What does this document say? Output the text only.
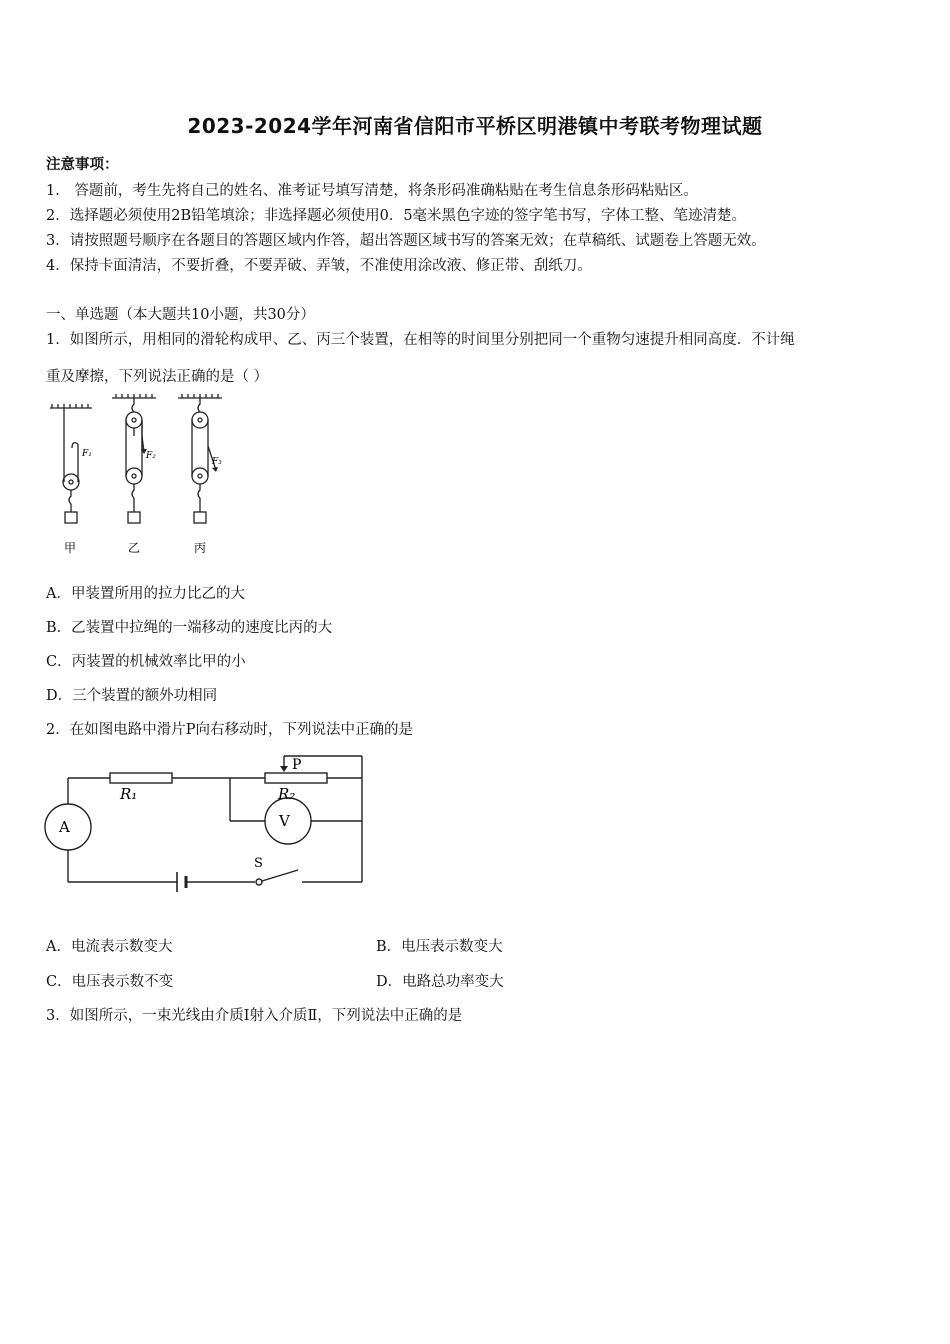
2023-2024学年河南省信阳市平桥区明港镇中考联考物理试题
注意事项：
1． 答题前，考生先将自己的姓名、准考证号填写清楚，将条形码准确粘贴在考生信息条形码粘贴区。
2．选择题必须使用2B铅笔填涂；非选择题必须使用0．5毫米黑色字迹的签字笔书写，字体工整、笔迹清楚。
3．请按照题号顺序在各题目的答题区域内作答，超出答题区域书写的答案无效；在草稿纸、试题卷上答题无效。
4．保持卡面清洁，不要折叠，不要弄破、弄皱，不准使用涂改液、修正带、刮纸刀。
一、单选题（本大题共10小题，共30分）
1．如图所示，用相同的滑轮构成甲、乙、丙三个装置，在相等的时间里分别把同一个重物匀速提升相同高度．不计绳
重及摩擦，下列说法正确的是（ ）
F₁	F₂
F₃
甲	乙	丙
A．甲装置所用的拉力比乙的大
B．乙装置中拉绳的一端移动的速度比丙的大
C．丙装置的机械效率比甲的小
D．三个装置的额外功相同
2．在如图电路中滑片P向右移动时，下列说法中正确的是
R₁	R₂
P
A	V
S
A．电流表示数变大	B．电压表示数变大
C．电压表示数不变	D．电路总功率变大
3．如图所示，一束光线由介质Ⅰ射入介质Ⅱ，下列说法中正确的是
